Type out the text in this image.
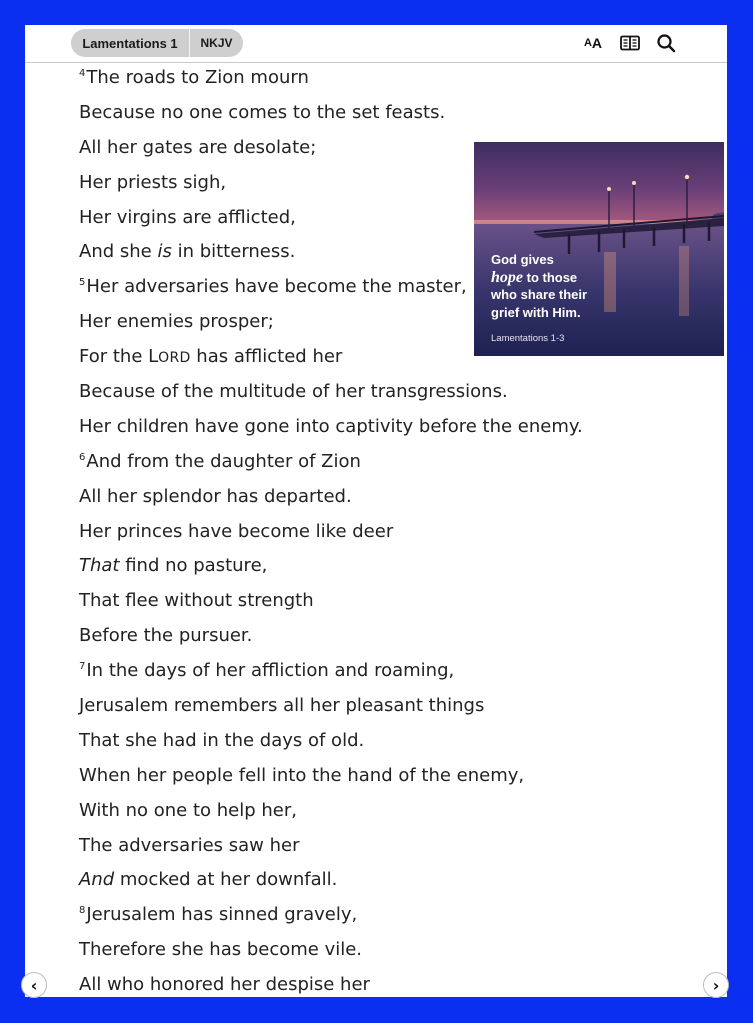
Lamentations 1	NKJV	A A
$^4$The roads to Zion mourn
Because no one comes to the set feasts.
All her gates are desolate;
Her priests sigh,
Her virgins are afflicted,
And she is in bitterness.
$^5$Her adversaries have become the master,
Her enemies prosper;
For the LORD has afflicted her
Because of the multitude of her transgressions.
Her children have gone into captivity before the enemy.
$^6$And from the daughter of Zion
All her splendor has departed.
Her princes have become like deer
That find no pasture,
That flee without strength
Before the pursuer.
$^7$In the days of her affliction and roaming,
Jerusalem remembers all her pleasant things
That she had in the days of old.
When her people fell into the hand of the enemy,
With no one to help her,
The adversaries saw her
And mocked at her downfall.
$^8$Jerusalem has sinned gravely,
Therefore she has become vile.
All who honored her despise her
God gives
hope to those
who share their
grief with Him.
Lamentations 1-3
‹	›
